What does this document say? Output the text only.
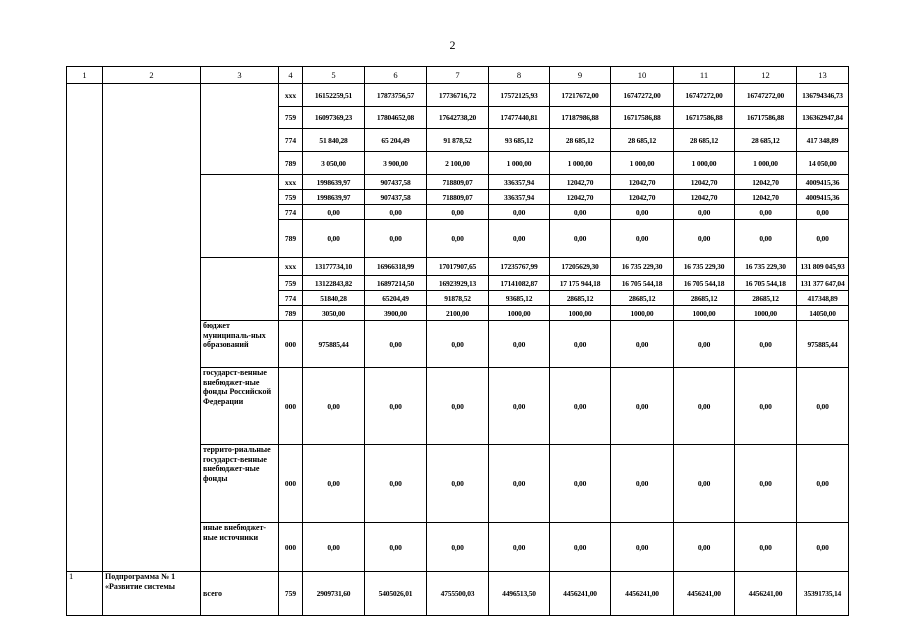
2
1	2	3	4	5	6	7	8	9	10	11	12	13
			xxx	16152259,51	17873756,57	17736716,72	17572125,93	17217672,00	16747272,00	16747272,00	16747272,00	136794346,73
			759	16097369,23	17804652,08	17642738,20	17477440,81	17187986,88	16717586,88	16717586,88	16717586,88	136362947,84
			774	51 840,28	65 204,49	91 878,52	93 685,12	28 685,12	28 685,12	28 685,12	28 685,12	417 348,89
			789	3 050,00	3 900,00	2 100,00	1 000,00	1 000,00	1 000,00	1 000,00	1 000,00	14 050,00
			xxx	1998639,97	907437,58	718809,07	336357,94	12042,70	12042,70	12042,70	12042,70	4009415,36
			759	1998639,97	907437,58	718809,07	336357,94	12042,70	12042,70	12042,70	12042,70	4009415,36
			774	0,00	0,00	0,00	0,00	0,00	0,00	0,00	0,00	0,00
			789	0,00	0,00	0,00	0,00	0,00	0,00	0,00	0,00	0,00
			xxx	13177734,10	16966318,99	17017907,65	17235767,99	17205629,30	16 735 229,30	16 735 229,30	16 735 229,30	131 809 045,93
			759	13122843,82	16897214,50	16923929,13	17141082,87	17 175 944,18	16 705 544,18	16 705 544,18	16 705 544,18	131 377 647,04
			774	51840,28	65204,49	91878,52	93685,12	28685,12	28685,12	28685,12	28685,12	417348,89
			789	3050,00	3900,00	2100,00	1000,00	1000,00	1000,00	1000,00	1000,00	14050,00
		бюджет муниципаль-ных образований	000	975885,44	0,00	0,00	0,00	0,00	0,00	0,00	0,00	975885,44
		государст-венные внебюджет-ные фонды Российской Федерации	000	0,00	0,00	0,00	0,00	0,00	0,00	0,00	0,00	0,00
		террито-риальные государст-венные внебюджет-ные фонды	000	0,00	0,00	0,00	0,00	0,00	0,00	0,00	0,00	0,00
		иные внебюджет-ные источники	000	0,00	0,00	0,00	0,00	0,00	0,00	0,00	0,00	0,00
1	Подпрограмма № 1 «Развитие системы	всего	759	2909731,60	5405026,01	4755500,03	4496513,50	4456241,00	4456241,00	4456241,00	4456241,00	35391735,14
